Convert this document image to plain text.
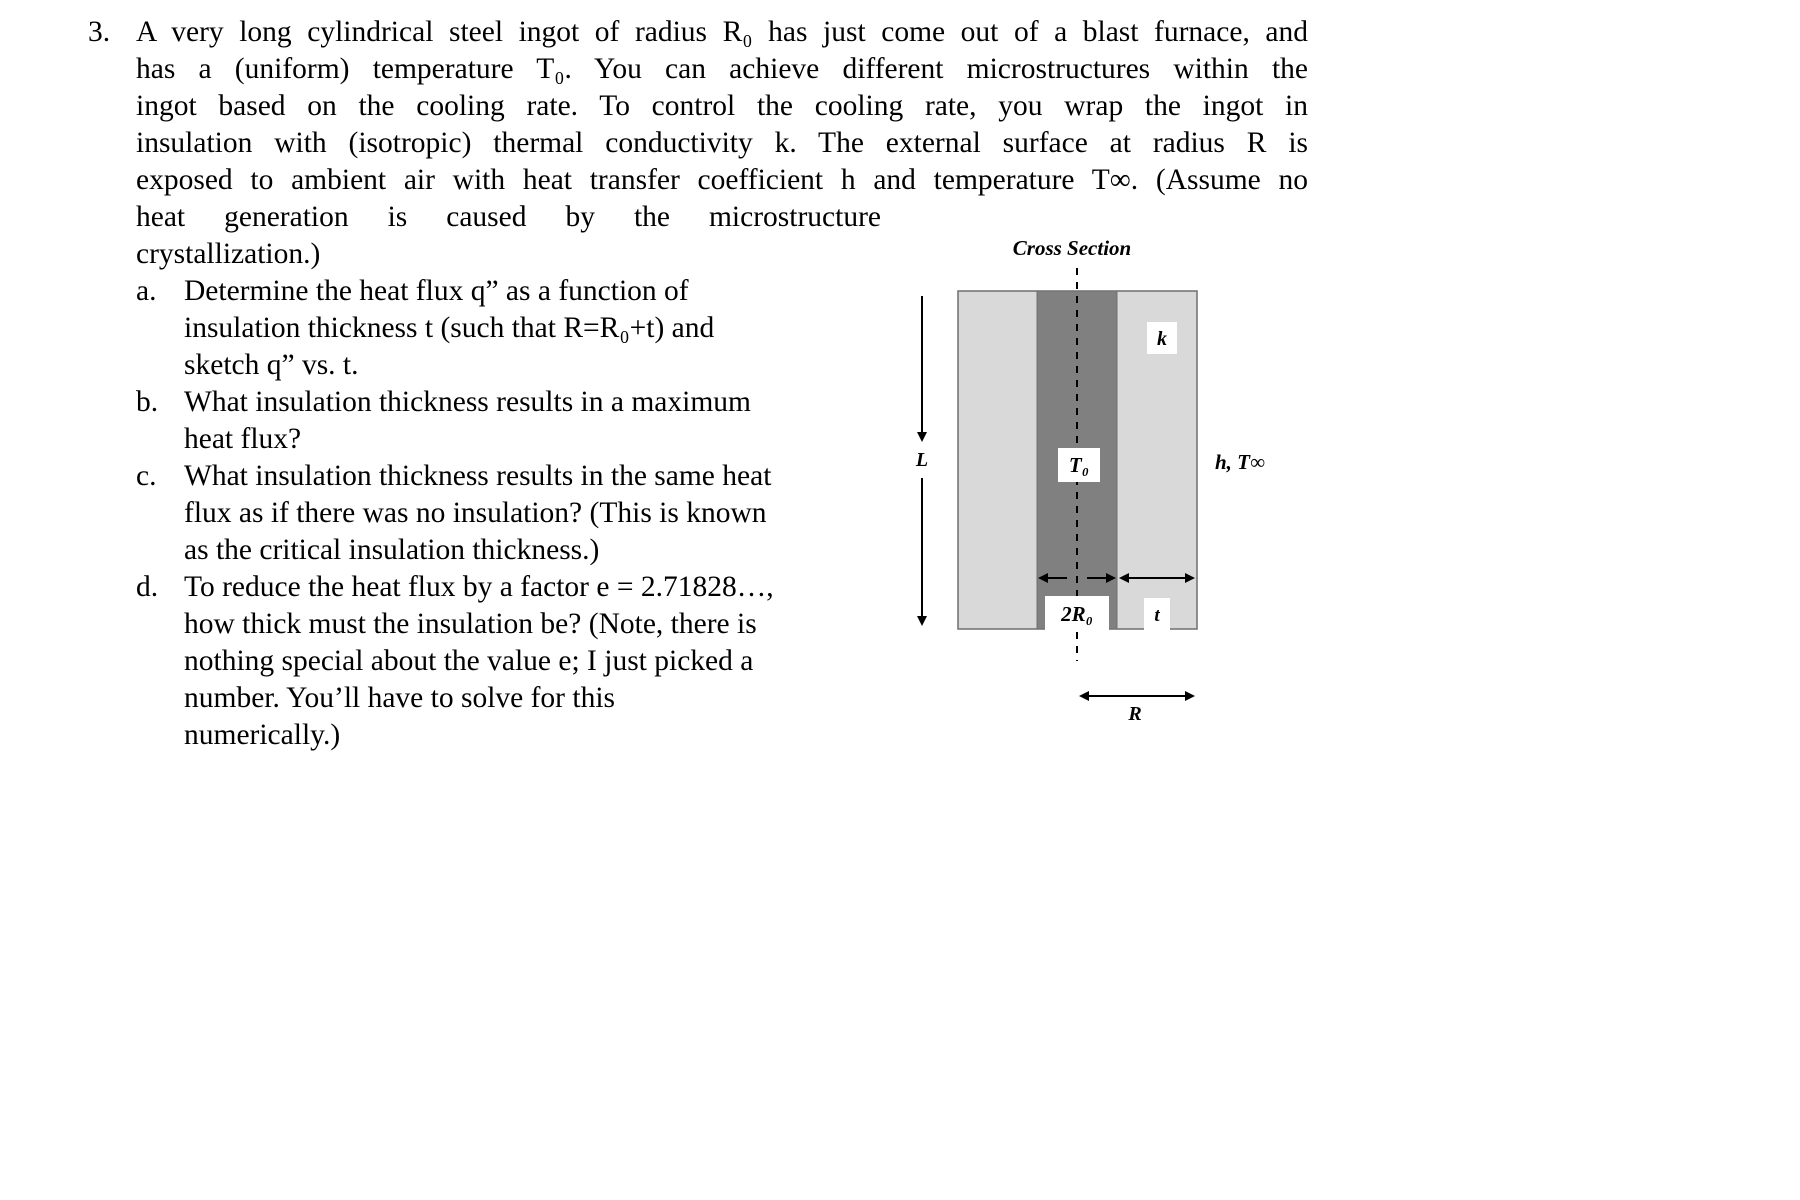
3. A very long cylindrical steel ingot of radius R₀ has just come out of a blast furnace, and
has a (uniform) temperature T₀. You can achieve different microstructures within the
ingot based on the cooling rate. To control the cooling rate, you wrap the ingot in
insulation with (isotropic) thermal conductivity k. The external surface at radius R is
exposed to ambient air with heat transfer coefficient h and temperature T∞. (Assume no
heat generation is caused by the microstructure
crystallization.)
a. Determine the heat flux q” as a function of
insulation thickness t (such that R=R₀+t) and
sketch q” vs. t.
b. What insulation thickness results in a maximum
heat flux?
c. What insulation thickness results in the same heat
flux as if there was no insulation? (This is known
as the critical insulation thickness.)
d. To reduce the heat flux by a factor e = 2.71828…,
how thick must the insulation be? (Note, there is
nothing special about the value e; I just picked a
number. You’ll have to solve for this
numerically.)
Cross Section
L
k
T₀	h, T∞
2R₀	t
R
